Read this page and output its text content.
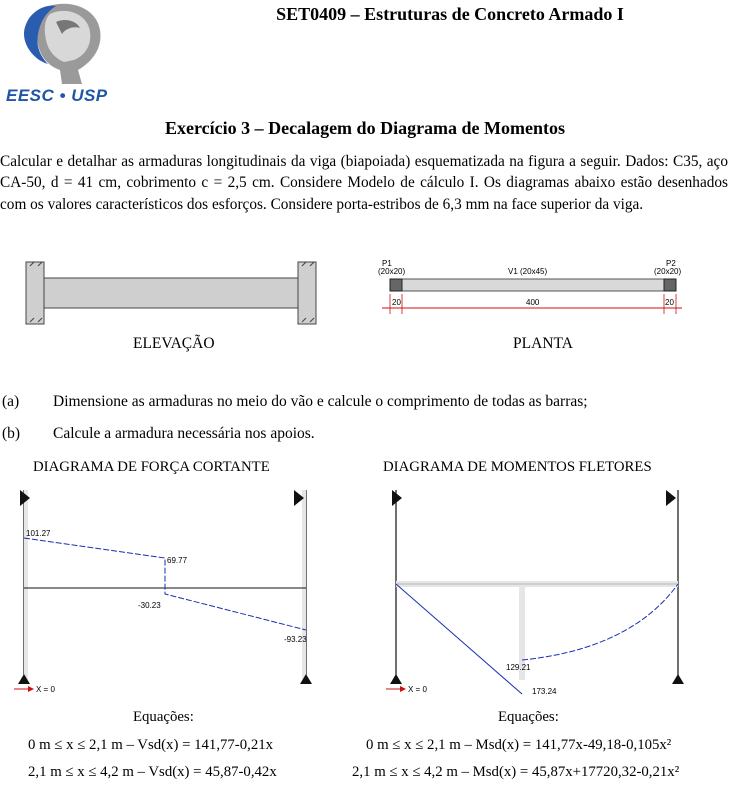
EESC • USP
SET0409 – Estruturas de Concreto Armado I
Exercício 3 – Decalagem do Diagrama de Momentos
Calcular e detalhar as armaduras longitudinais da viga (biapoiada) esquematizada na figura a seguir. Dados: C35, aço CA-50, d = 41 cm, cobrimento c = 2,5 cm. Considere Modelo de cálculo I. Os diagramas abaixo estão desenhados com os valores característicos dos esforços. Considere porta-estribos de 6,3 mm na face superior da viga.
ELEVAÇÃO
P1
(20x20)	V1 (20x45)
P2
(20x20)
20	400	20
PLANTA
(a) Dimensione as armaduras no meio do vão e calcule o comprimento de todas as barras;
(b) Calcule a armadura necessária nos apoios.
DIAGRAMA DE FORÇA CORTANTE	DIAGRAMA DE MOMENTOS FLETORES
101.27
69.77
-30.23
-93.23
X = 0
129.21
173.24
X = 0
Equações:
0 m ≤ x ≤ 2,1 m – Vsd(x) = 141,77-0,21x
2,1 m ≤ x ≤ 4,2 m – Vsd(x) = 45,87-0,42x
Equações:
0 m ≤ x ≤ 2,1 m – Msd(x) = 141,77x-49,18-0,105x²
2,1 m ≤ x ≤ 4,2 m – Msd(x) = 45,87x+17720,32-0,21x²
